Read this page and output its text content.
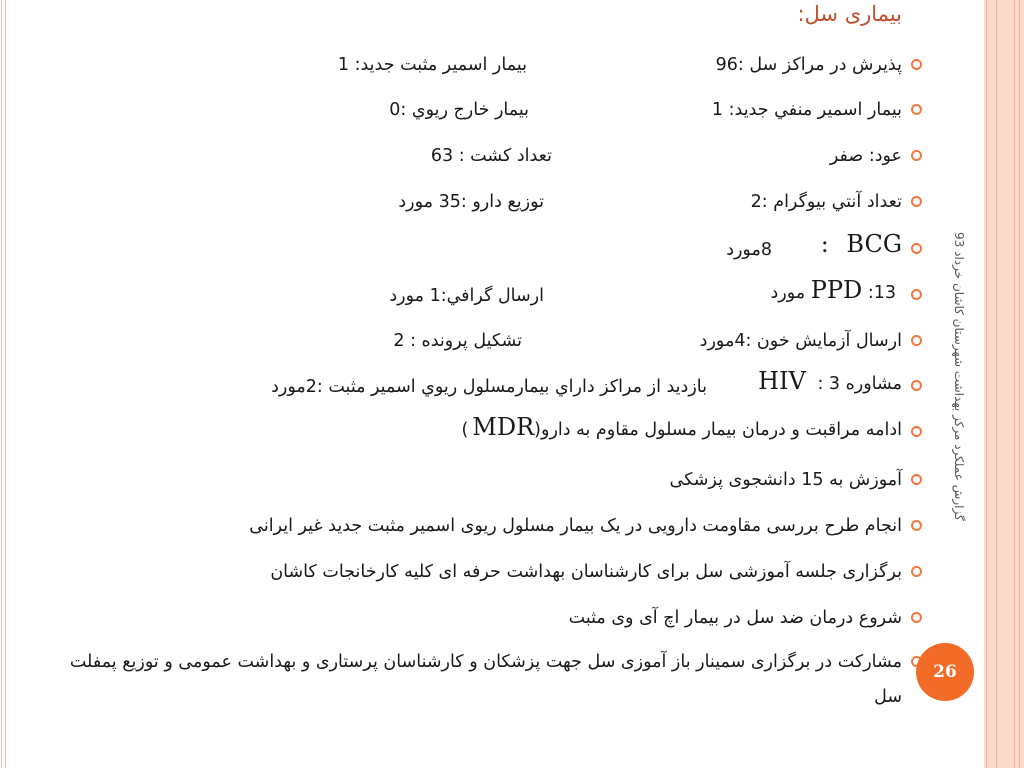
بیماری سل:
پذیرش در مراکز سل :96
بیمار اسمیر مثبت جدید: 1
بیمار اسمیر منفي جدید: 1
بیمار خارج ریوي :0
عود: صفر
تعداد کشت : 63
تعداد آنتي بیوگرام :2
توزیع دارو :35 مورد
BCG :
8مورد
PPD :13 مورد
ارسال گرافي:1 مورد
ارسال آزمایش خون :4مورد
تشکیل پرونده : 2
مشاوره HIV : 3
بازدید از مراکز داراي بیمارمسلول ریوي اسمیر مثبت :2مورد
ادامه مراقبت و درمان بیمار مسلول مقاوم به دارو(MDR)
آموزش به 15 دانشجوی پزشکی
انجام طرح بررسی مقاومت دارویی در یک بیمار مسلول ریوی اسمیر مثبت جدید غیر ایرانی
برگزاری جلسه آموزشی سل برای کارشناسان بهداشت حرفه ای کلیه کارخانجات کاشان
شروع درمان ضد سل در بیمار اچ آی وی مثبت
مشارکت در برگزاری سمینار باز آموزی سل جهت پزشکان و کارشناسان پرستاری و بهداشت عمومی و توزیع پمفلت سل
گزارش عملکرد مرکز بهداشت شهرستان کاشان خرداد 93
26
